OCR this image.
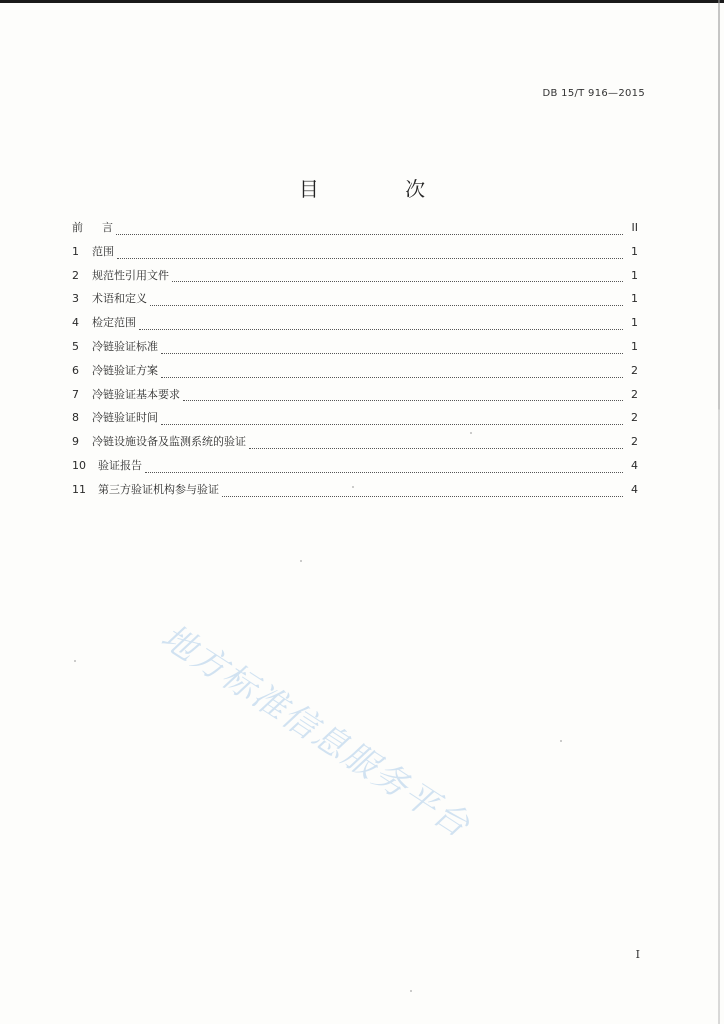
DB 15/T 916—2015
目 次
前	言	II
1	范围	1
2	规范性引用文件	1
3	术语和定义	1
4	检定范围	1
5	冷链验证标准	1
6	冷链验证方案	2
7	冷链验证基本要求	2
8	冷链验证时间	2
9	冷链设施设备及监测系统的验证	2
10	验证报告	4
11	第三方验证机构参与验证	4
地方标准信息服务平台
I
